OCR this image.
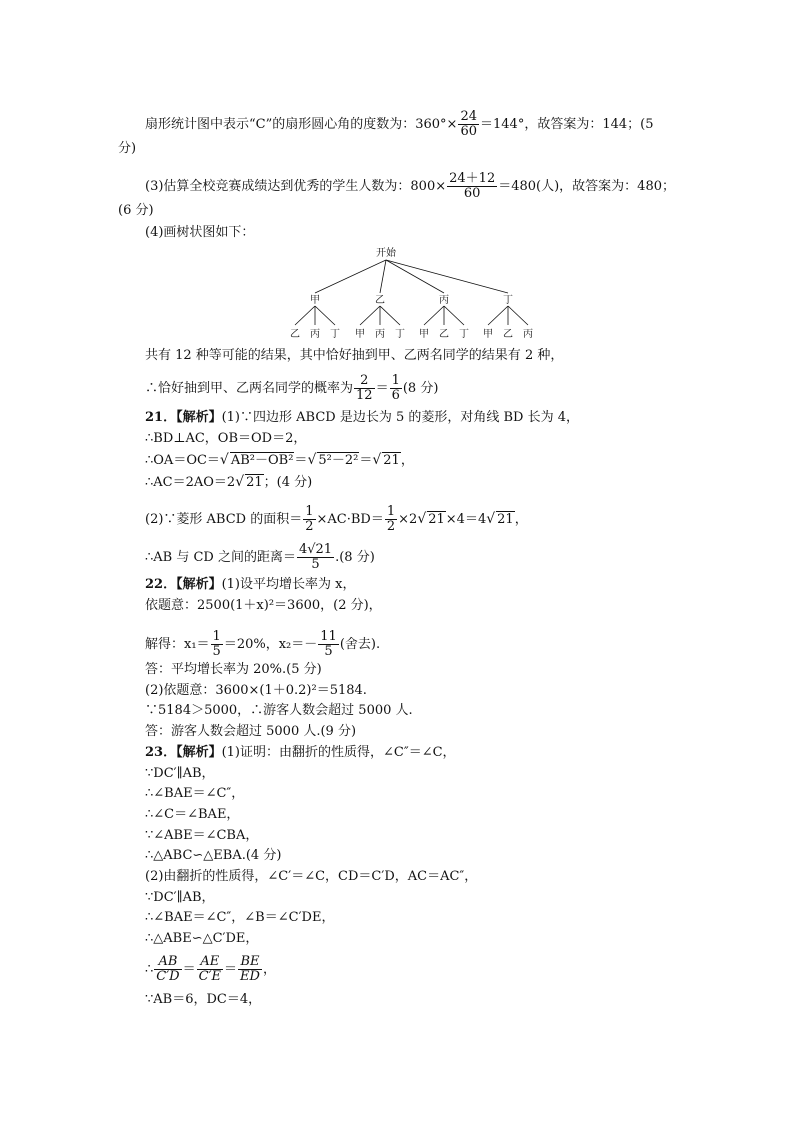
扇形统计图中表示“C”的扇形圆心角的度数为：$360^\circ\times \frac{24}{60} =144^\circ$，故答案为：144；(5
分)
(3)估算全校竞赛成绩达到优秀的学生人数为：$800\times \frac{24+12}{60} =480$(人)，故答案为：480；
(6 分)
(4)画树状图如下：
开始
甲	乙	丙	丁
乙 丙 丁 甲 丙 丁 甲 乙 丁 甲 乙 丙
共有 12 种等可能的结果，其中恰好抽到甲、乙两名同学的结果有 2 种，
∴恰好抽到甲、乙两名同学的概率为 $\frac{2}{12} = \frac{1}{6} (8$ 分)
21．【解析】(1)∵四边形 ABCD 是边长为 5 的菱形，对角线 BD 长为 4，
∴BD⊥AC，OB＝OD＝2，
∴OA＝OC＝√ AB²－OB²＝√ 5²－2²＝√ 21，
∴AC＝2AO＝2√ 21；(4 分)
(2)∵菱形 ABCD 的面积＝ $\frac{1}{2} \times AC\cdot BD= \frac{1}{2} \times 2√$ 21×4＝4√ 21，
∴AB 与 CD 之间的距离＝ $\frac{4√21}{5} .(8$ 分)
22．【解析】(1)设平均增长率为 x，
依题意：2500(1＋x)²＝3600，(2 分)，
解得：$x_1= \frac{1}{5} =20\%$，$x_2=- \frac{11}{5}$ (舍去).
答：平均增长率为 20%.(5 分)
(2)依题意：3600×(1＋0.2)²＝5184.
∵5184＞5000，∴游客人数会超过 5000 人.
答：游客人数会超过 5000 人.(9 分)
23．【解析】(1)证明：由翻折的性质得，∠C″＝∠C，
∵DC′∥AB，
∴∠BAE＝∠C″，
∴∠C＝∠BAE，
∵∠ABE＝∠CBA，
∴△ABC∽△EBA.(4 分)
(2)由翻折的性质得，∠C′＝∠C，CD＝C′D，AC＝AC″，
∵DC′∥AB，
∴∠BAE＝∠C″，∠B＝∠C′DE，
∴△ABE∽△C′DE，
∴ $\frac{AB}{C'D} = \frac{AE}{C'E} = \frac{BE}{ED}$ ，
∵AB＝6，DC＝4，
